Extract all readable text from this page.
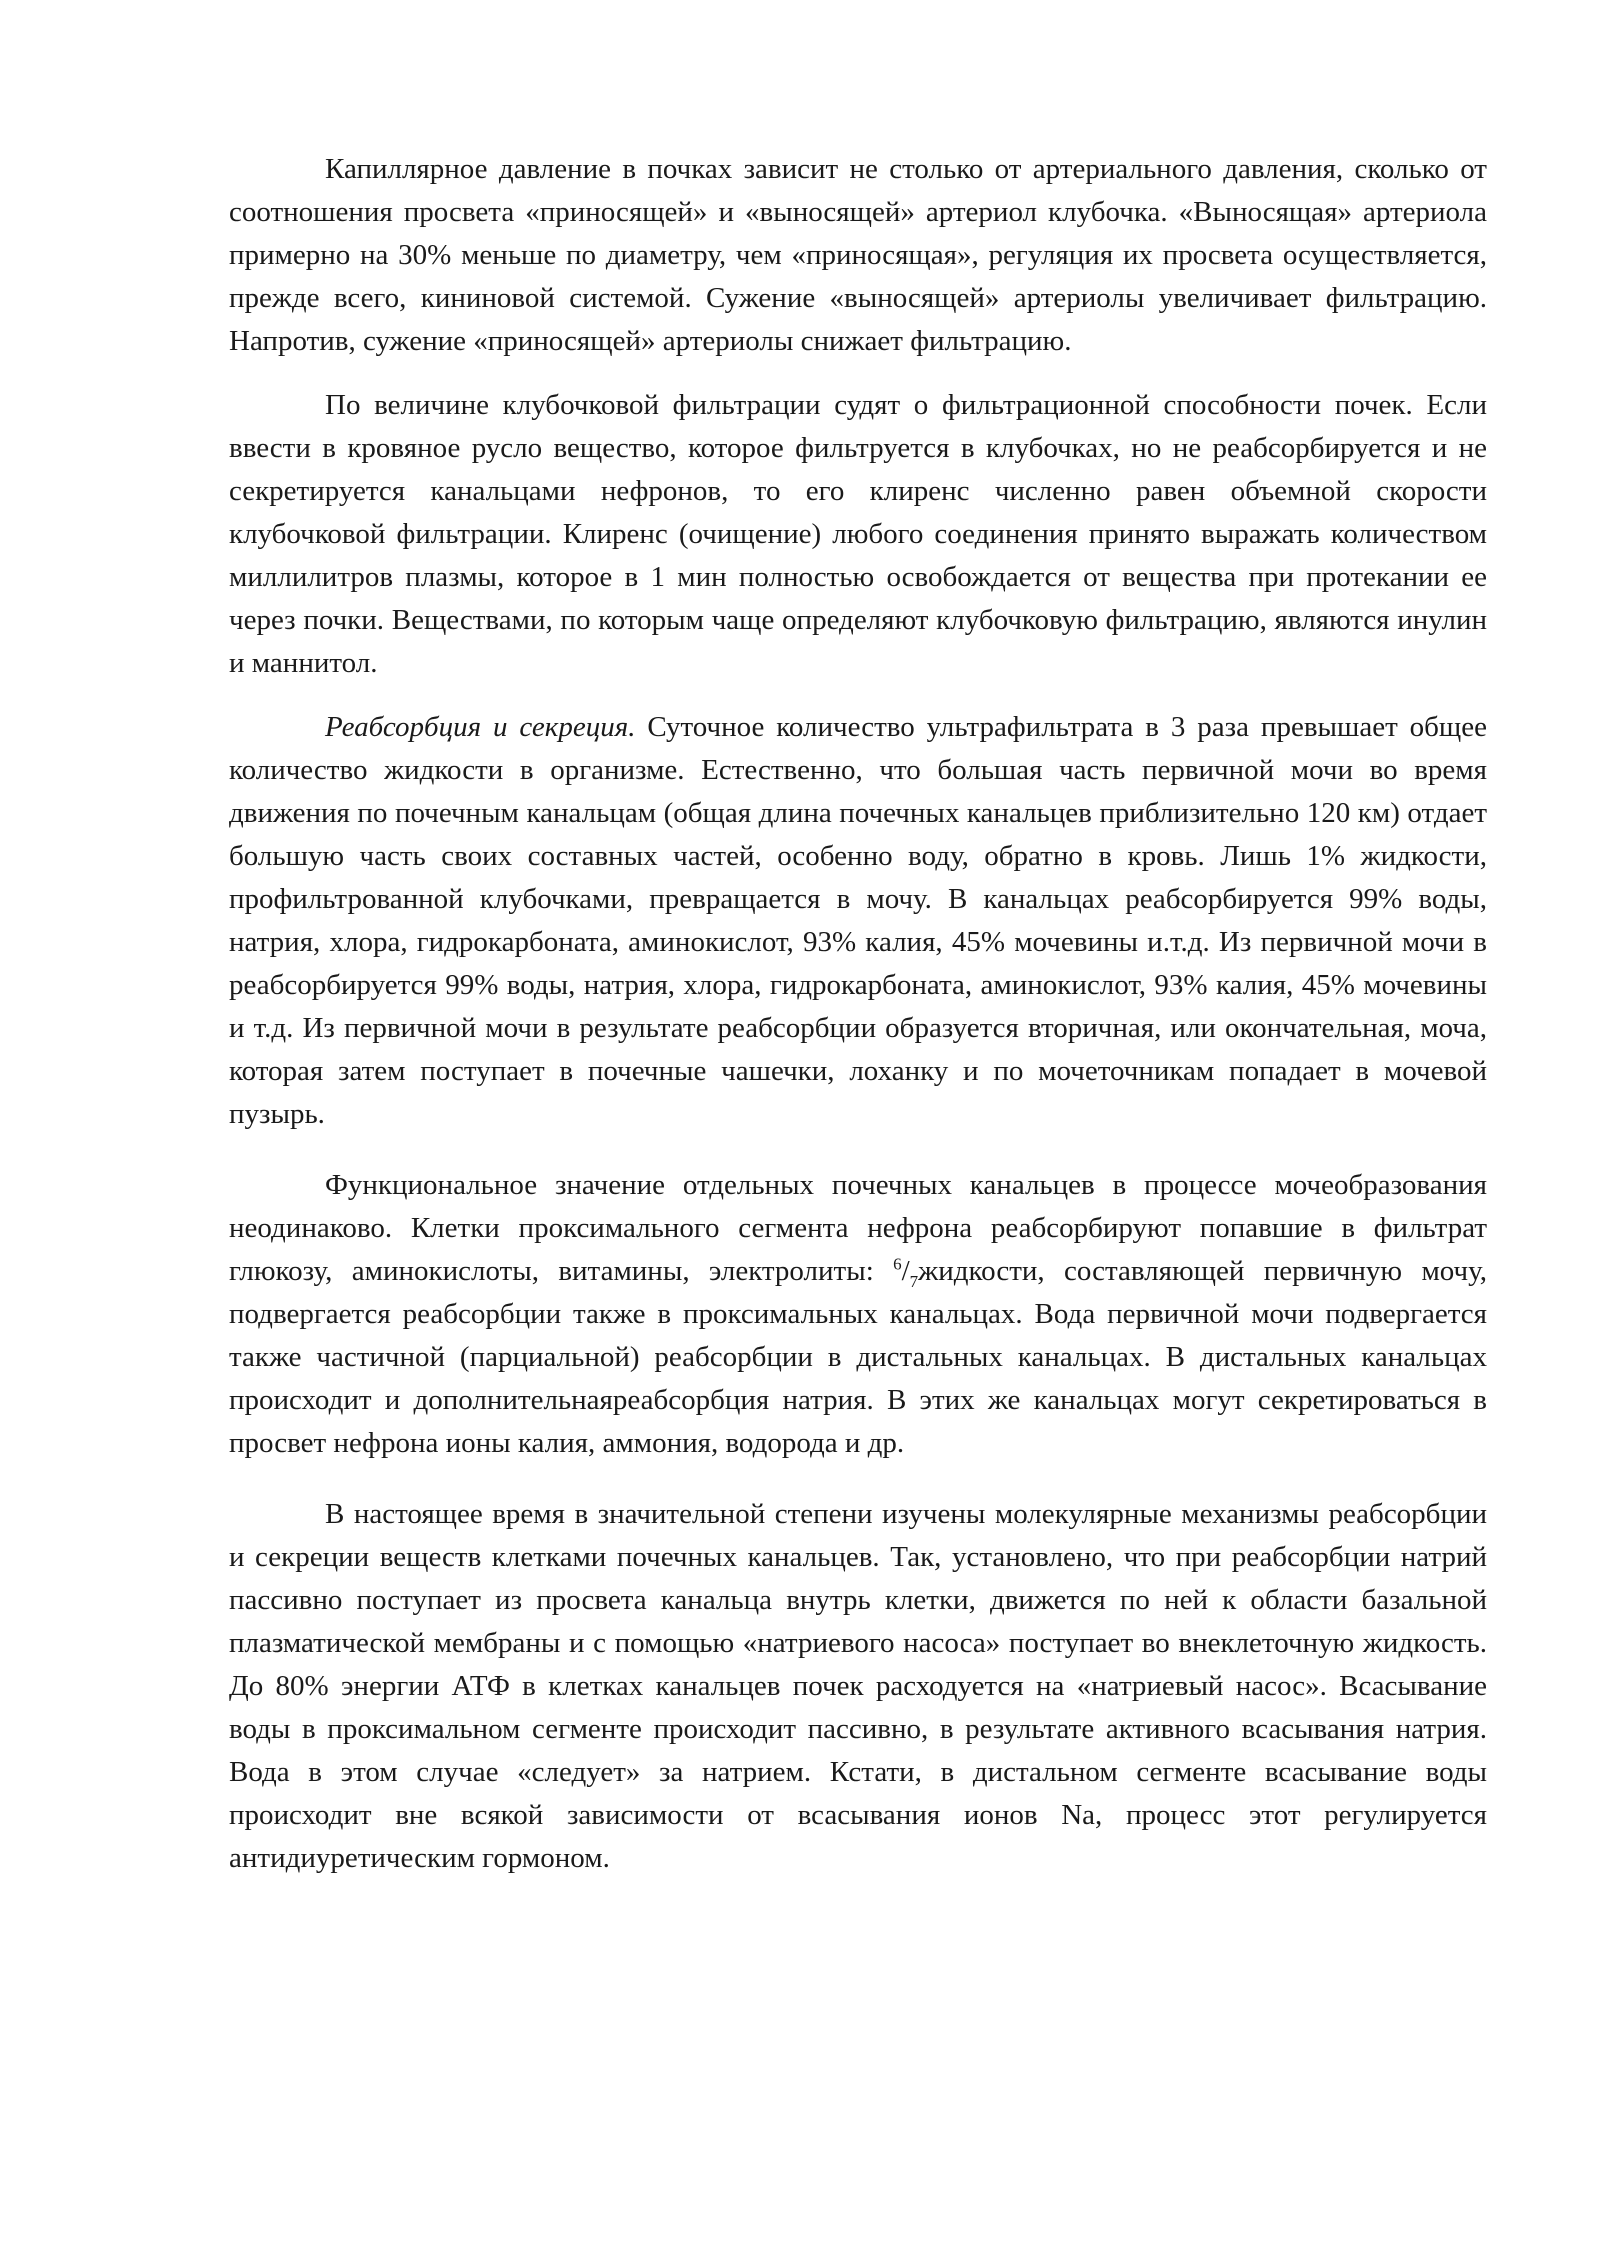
Капиллярное давление в почках зависит не столько от артериального давления, сколько от соотношения просвета «приносящей» и «выносящей» артериол клубочка. «Выносящая» артериола примерно на 30% меньше по диаметру, чем «приносящая», регуляция их просвета осуществляется, прежде всего, кининовой системой. Сужение «выносящей» артериолы увеличивает фильтрацию. Напротив, сужение «приносящей» артериолы снижает фильтрацию.

По величине клубочковой фильтрации судят о фильтрационной способности почек. Если ввести в кровяное русло вещество, которое фильтруется в клубочках, но не реабсорбируется и не секретируется канальцами нефронов, то его клиренс численно равен объемной скорости клубочковой фильтрации. Клиренс (очищение) любого соединения принято выражать количеством миллилитров плазмы, которое в 1 мин полностью освобождается от вещества при протекании ее через почки. Веществами, по которым чаще определяют клубочковую фильтрацию, являются инулин и маннитол.

Реабсорбция и секреция. Суточное количество ультрафильтрата в 3 раза превышает общее количество жидкости в организме. Естественно, что большая часть первичной мочи во время движения по почечным канальцам (общая длина почечных канальцев приблизительно 120 км) отдает большую часть своих составных частей, особенно воду, обратно в кровь. Лишь 1% жидкости, профильтрованной клубочками, превращается в мочу. В канальцах реабсорбируется 99% воды, натрия, хлора, гидрокарбоната, аминокислот, 93% калия, 45% мочевины и.т.д. Из первичной мочи в реабсорбируется 99% воды, натрия, хлора, гидрокарбоната, аминокислот, 93% калия, 45% мочевины и т.д. Из первичной мочи в результате реабсорбции образуется вторичная, или окончательная, моча, которая затем поступает в почечные чашечки, лоханку и по мочеточникам попадает в мочевой пузырь.

Функциональное значение отдельных почечных канальцев в процессе мочеобразования неодинаково. Клетки проксимального сегмента нефрона реабсорбируют попавшие в фильтрат глюкозу, аминокислоты, витамины, электролиты: $^6/_7жидкости$, составляющей первичную мочу, подвергается реабсорбции также в проксимальных канальцах. Вода первичной мочи подвергается также частичной (парциальной) реабсорбции в дистальных канальцах. В дистальных канальцах происходит и дополнительнаяреабсорбция натрия. В этих же канальцах могут секретироваться в просвет нефрона ионы калия, аммония, водорода и др.

В настоящее время в значительной степени изучены молекулярные механизмы реабсорбции и секреции веществ клетками почечных канальцев. Так, установлено, что при реабсорбции натрий пассивно поступает из просвета канальца внутрь клетки, движется по ней к области базальной плазматической мембраны и с помощью «натриевого насоса» поступает во внеклеточную жидкость. До 80% энергии АТФ в клетках канальцев почек расходуется на «натриевый насос». Всасывание воды в проксимальном сегменте происходит пассивно, в результате активного всасывания натрия. Вода в этом случае «следует» за натрием. Кстати, в дистальном сегменте всасывание воды происходит вне всякой зависимости от всасывания ионов Na, процесс этот регулируется антидиуретическим гормоном.
